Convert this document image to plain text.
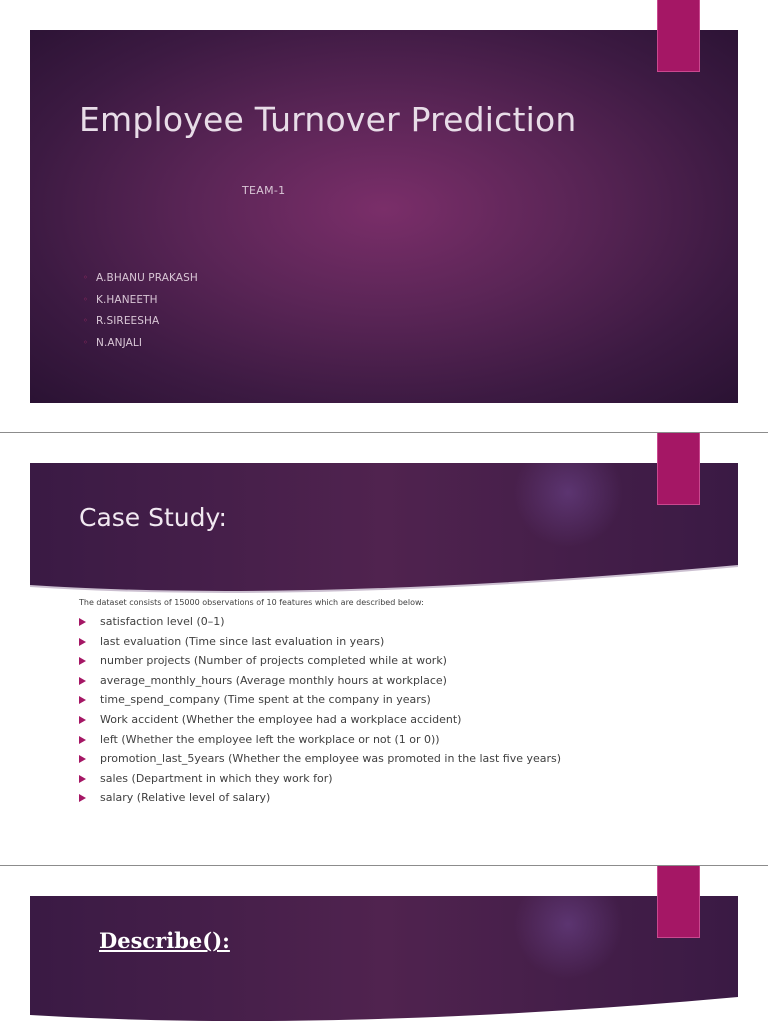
Employee Turnover Prediction
TEAM-1
◦ A.BHANU PRAKASH
◦ K.HANEETH
◦ R.SIREESHA
◦ N.ANJALI
Case Study:

The dataset consists of 15000 observations of 10 features which are described below:

satisfaction level (0–1)
last evaluation (Time since last evaluation in years)
number projects (Number of projects completed while at work)
average_monthly_hours (Average monthly hours at workplace)
time_spend_company (Time spent at the company in years)
Work accident (Whether the employee had a workplace accident)
left (Whether the employee left the workplace or not (1 or 0))
promotion_last_5years (Whether the employee was promoted in the last five years)
sales (Department in which they work for)
salary (Relative level of salary)
Describe():
